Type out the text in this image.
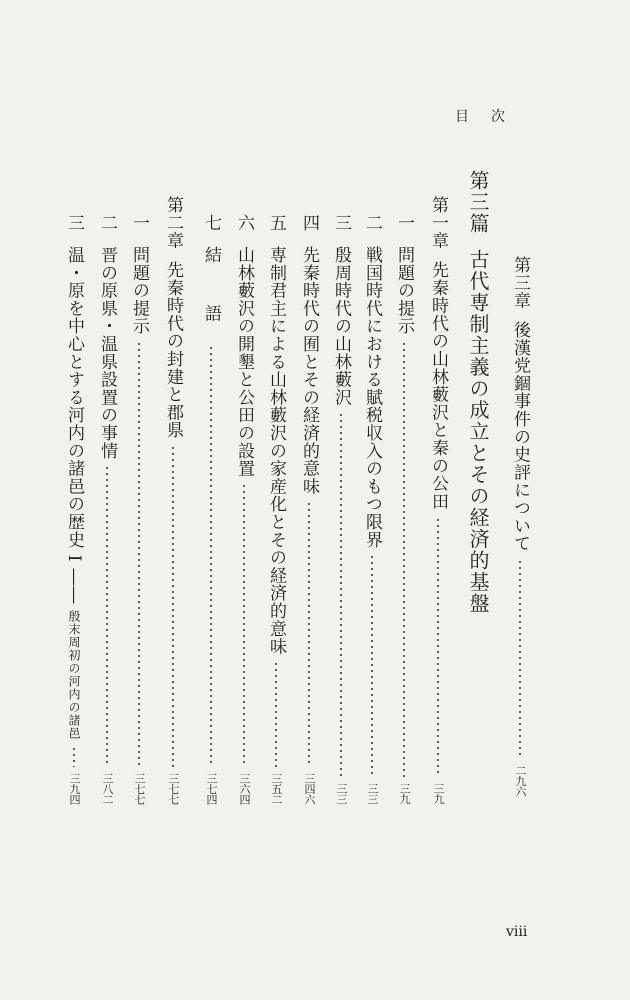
目次
第三章
後漢党錮事件の史評について
二九六
第三篇
古代専制主義の成立とその経済的基盤
第一章
先秦時代の山林藪沢と秦の公田
三九
一
問題の提示
三九
二
戦国時代における賦税収入のもつ限界
三三
三
殷周時代の山林藪沢
三三
四
先秦時代の囿とその経済的意味
三四六
五
専制君主による山林藪沢の家産化とその経済的意味
三五二
六
山林藪沢の開墾と公田の設置
三六四
七
結 語
三七四
第二章
先秦時代の封建と郡県
三七七
一
問題の提示
三七七
二
晋の原県・温県設置の事情
三八二
三
温・原を中心とする河内の諸邑の歴史 I ――
殷末周初の河内の諸邑
三九四
viii
